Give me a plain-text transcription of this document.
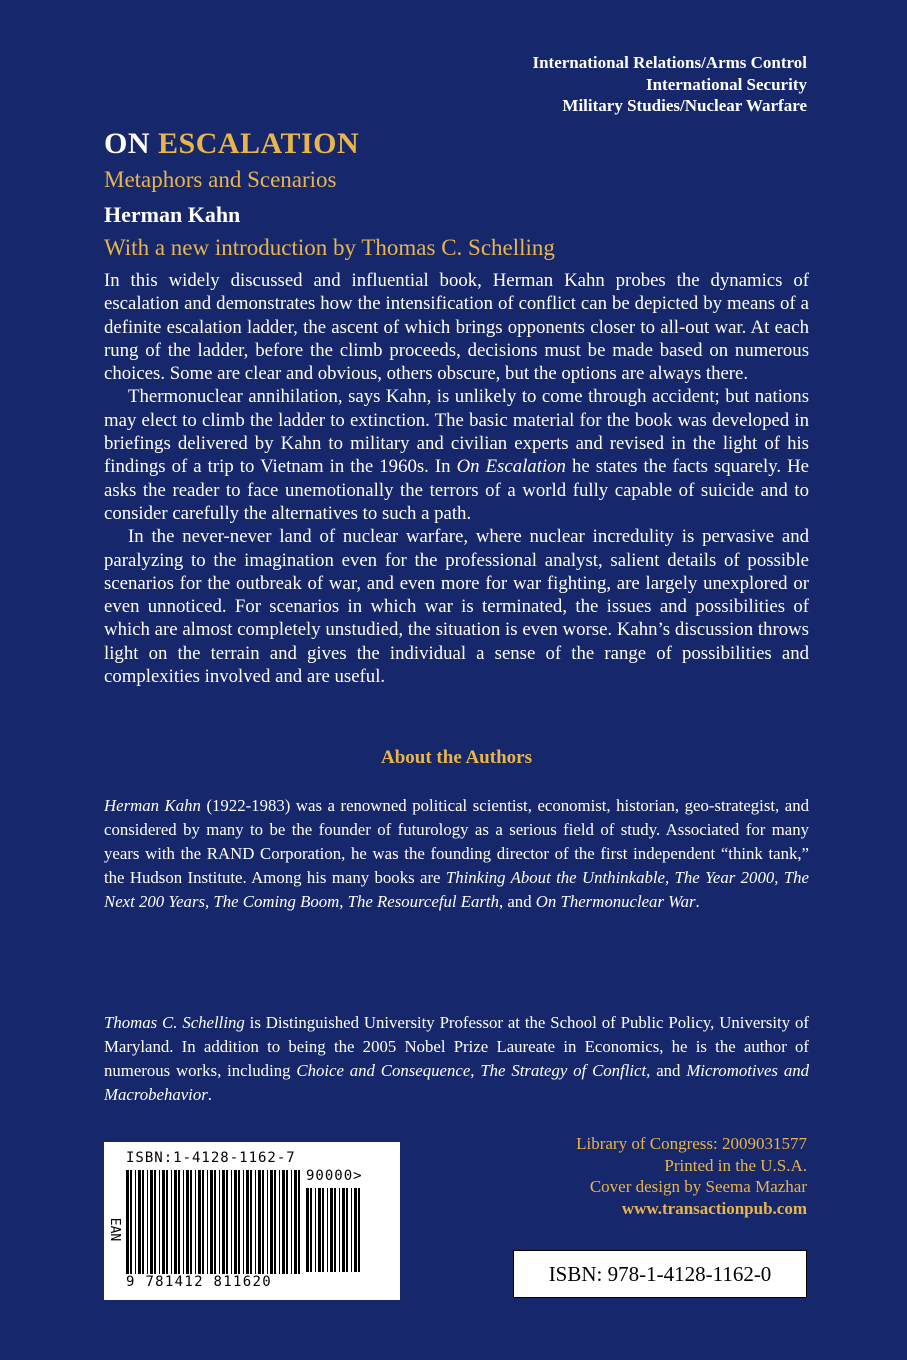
International Relations/Arms Control
International Security
Military Studies/Nuclear Warfare
ON ESCALATION
Metaphors and Scenarios
Herman Kahn
With a new introduction by Thomas C. Schelling

In this widely discussed and influential book, Herman Kahn probes the dynamics of escalation and demonstrates how the intensification of conflict can be depicted by means of a definite escalation ladder, the ascent of which brings opponents closer to all-out war. At each rung of the ladder, before the climb proceeds, decisions must be made based on numerous choices. Some are clear and obvious, others obscure, but the options are always there.

Thermonuclear annihilation, says Kahn, is unlikely to come through accident; but nations may elect to climb the ladder to extinction. The basic material for the book was developed in briefings delivered by Kahn to military and civilian experts and revised in the light of his findings of a trip to Vietnam in the 1960s. In On Escalation he states the facts squarely. He asks the reader to face unemotionally the terrors of a world fully capable of suicide and to consider carefully the alternatives to such a path.

In the never-never land of nuclear warfare, where nuclear incredulity is pervasive and paralyzing to the imagination even for the professional analyst, salient details of possible scenarios for the outbreak of war, and even more for war fighting, are largely unexplored or even unnoticed. For scenarios in which war is terminated, the issues and possibilities of which are almost completely unstudied, the situation is even worse. Kahn’s discussion throws light on the terrain and gives the individual a sense of the range of possibilities and complexities involved and are useful.

About the Authors

Herman Kahn (1922-1983) was a renowned political scientist, economist, historian, geo-strategist, and considered by many to be the founder of futurology as a serious field of study. Associated for many years with the RAND Corporation, he was the founding director of the first independent “think tank,” the Hudson Institute. Among his many books are Thinking About the Unthinkable, The Year 2000, The Next 200 Years, The Coming Boom, The Resourceful Earth, and On Thermonuclear War.

Thomas C. Schelling is Distinguished University Professor at the School of Public Policy, University of Maryland. In addition to being the 2005 Nobel Prize Laureate in Economics, he is the author of numerous works, including Choice and Consequence, The Strategy of Conflict, and Micromotives and Macrobehavior.

ISBN:1-4128-1162-7
EAN
90000>
9 781412 811620
Library of Congress: 2009031577
Printed in the U.S.A.
Cover design by Seema Mazhar
www.transactionpub.com
ISBN: 978-1-4128-1162-0
